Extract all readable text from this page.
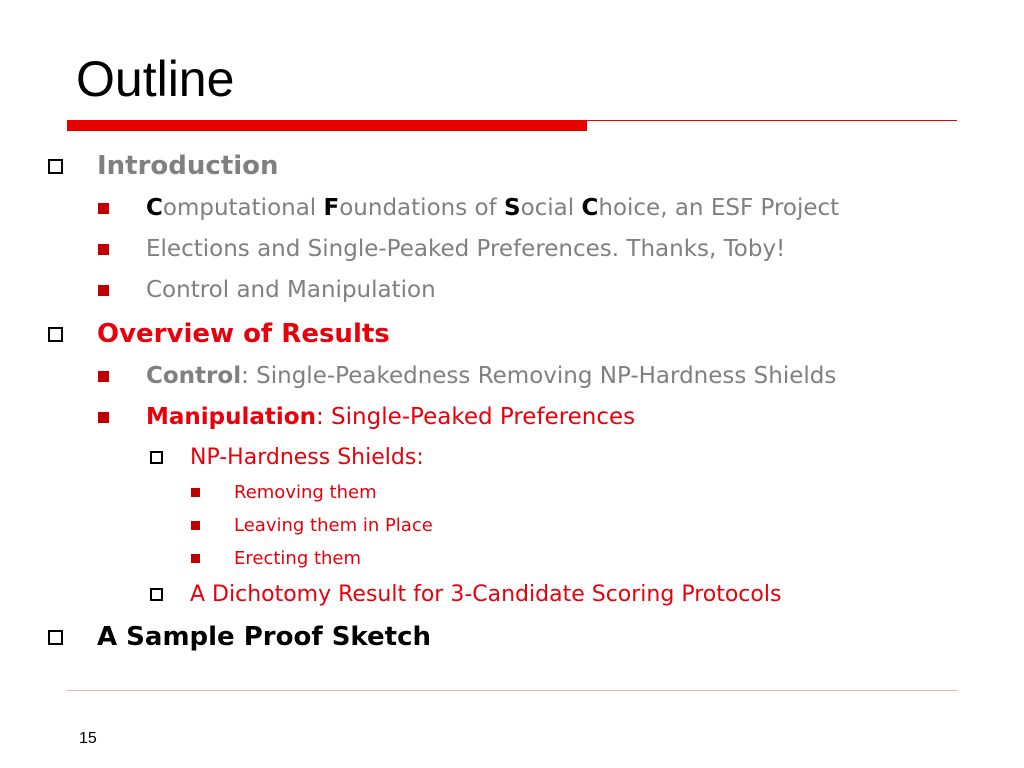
Outline
Introduction
Computational Foundations of Social Choice, an ESF Project
Elections and Single-Peaked Preferences. Thanks, Toby!
Control and Manipulation
Overview of Results
Control: Single-Peakedness Removing NP-Hardness Shields
Manipulation: Single-Peaked Preferences
NP-Hardness Shields:
Removing them
Leaving them in Place
Erecting them
A Dichotomy Result for 3-Candidate Scoring Protocols
A Sample Proof Sketch
15
